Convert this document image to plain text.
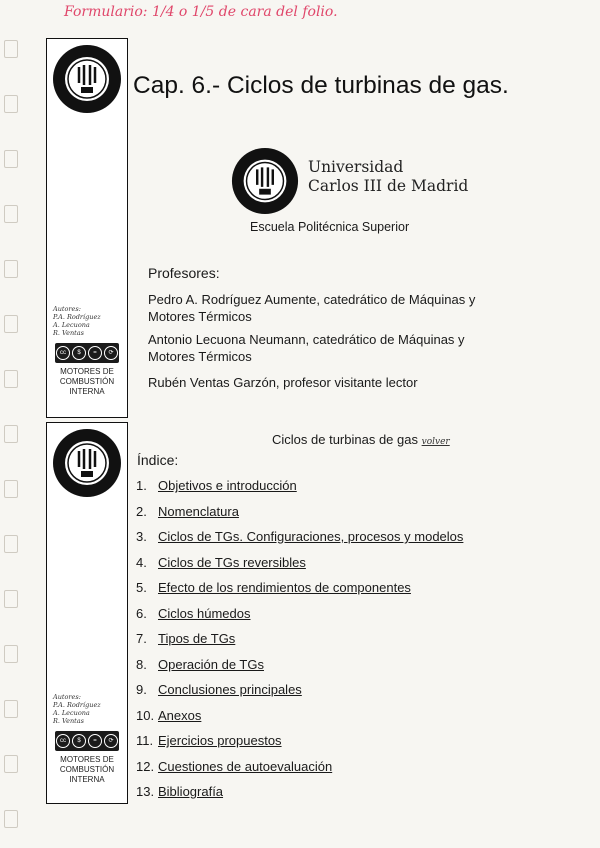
Formulario: 1/4 o 1/5 de cara del folio.
Autores:
P.A. Rodríguez
A. Lecuona
R. Ventas
cc	$	=	⟳
MOTORES DE
COMBUSTIÓN
INTERNA
Autores:
P.A. Rodríguez
A. Lecuona
R. Ventas
cc	$	=	⟳
MOTORES DE
COMBUSTIÓN
INTERNA
Cap. 6.- Ciclos de turbinas de gas.
Universidad
Carlos III de Madrid
Escuela Politécnica Superior
Profesores:
Pedro A. Rodríguez Aumente, catedrático de Máquinas y Motores Térmicos
Antonio Lecuona Neumann, catedrático de Máquinas y Motores Térmicos
Rubén Ventas Garzón, profesor visitante lector
Ciclos de turbinas de gas volver
Índice:
1. Objetivos e introducción
2. Nomenclatura
3. Ciclos de TGs. Configuraciones, procesos y modelos
4. Ciclos de TGs reversibles
5. Efecto de los rendimientos de componentes
6. Ciclos húmedos
7. Tipos de TGs
8. Operación de TGs
9. Conclusiones principales
10. Anexos
11. Ejercicios propuestos
12. Cuestiones de autoevaluación
13. Bibliografía
